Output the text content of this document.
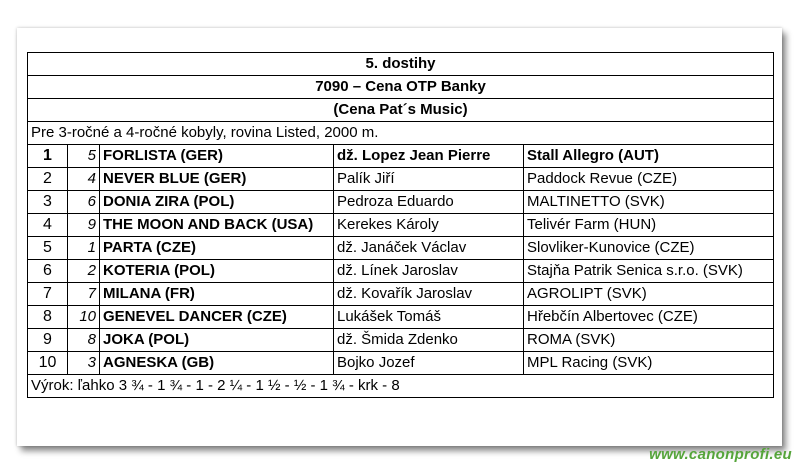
5. dostihy				
7090 – Cena OTP Banky				
(Cena Pat´s Music)				
Pre 3-ročné a 4-ročné kobyly, rovina Listed, 2000 m.				
1	5	FORLISTA (GER)	dž. Lopez Jean Pierre	Stall Allegro (AUT)
2	4	NEVER BLUE (GER)	Palík Jiří	Paddock Revue (CZE)
3	6	DONIA ZIRA (POL)	Pedroza Eduardo	MALTINETTO (SVK)
4	9	THE MOON AND BACK (USA)	Kerekes Károly	Telivér Farm (HUN)
5	1	PARTA (CZE)	dž. Janáček Václav	Slovliker-Kunovice (CZE)
6	2	KOTERIA (POL)	dž. Línek Jaroslav	Stajňa Patrik Senica s.r.o. (SVK)
7	7	MILANA (FR)	dž. Kovařík Jaroslav	AGROLIPT (SVK)
8	10	GENEVEL DANCER (CZE)	Lukášek Tomáš	Hřebčín Albertovec (CZE)
9	8	JOKA (POL)	dž. Šmida Zdenko	ROMA (SVK)
10	3	AGNESKA (GB)	Bojko Jozef	MPL Racing (SVK)
Výrok: ľahko 3 ¾ - 1 ¾ - 1 - 2 ¼ - 1 ½ - ½ - 1 ¾ - krk - 8				
www.canonprofi.eu
